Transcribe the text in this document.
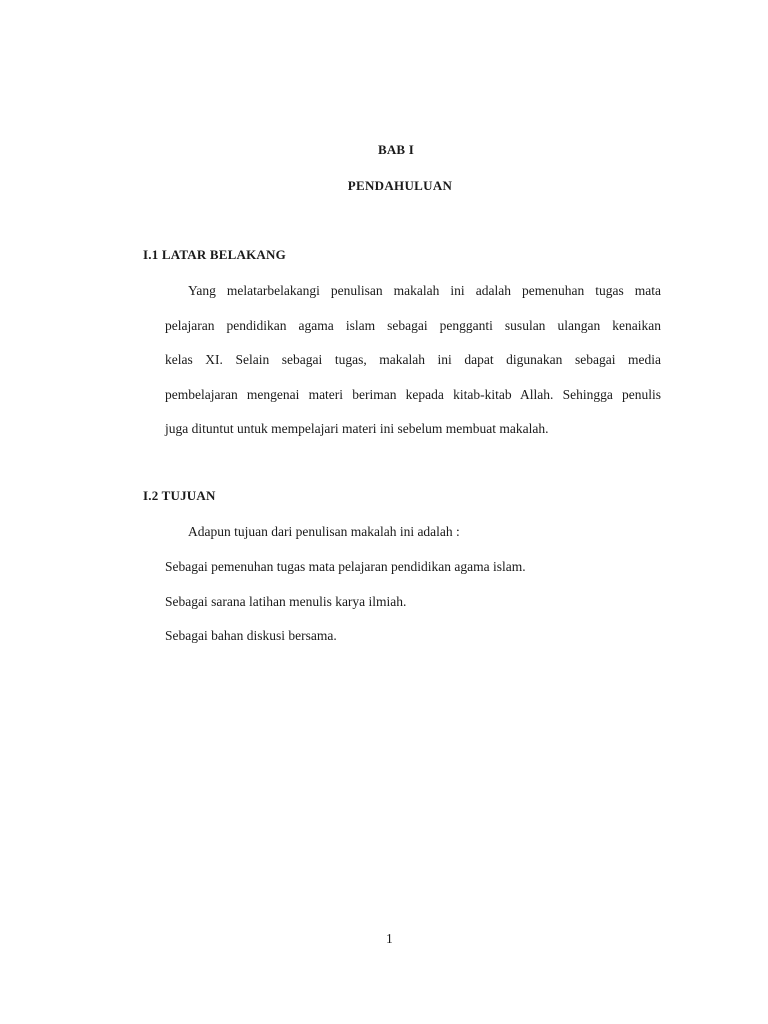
BAB I
PENDAHULUAN
I.1 LATAR BELAKANG
Yang melatarbelakangi penulisan makalah ini adalah pemenuhan tugas mata
pelajaran pendidikan agama islam sebagai pengganti susulan ulangan kenaikan
kelas XI. Selain sebagai tugas, makalah ini dapat digunakan sebagai media
pembelajaran mengenai materi beriman kepada kitab-kitab Allah. Sehingga penulis
juga dituntut untuk mempelajari materi ini sebelum membuat makalah.
I.2 TUJUAN
Adapun tujuan dari penulisan makalah ini adalah :
Sebagai pemenuhan tugas mata pelajaran pendidikan agama islam.
Sebagai sarana latihan menulis karya ilmiah.
Sebagai bahan diskusi bersama.
1
